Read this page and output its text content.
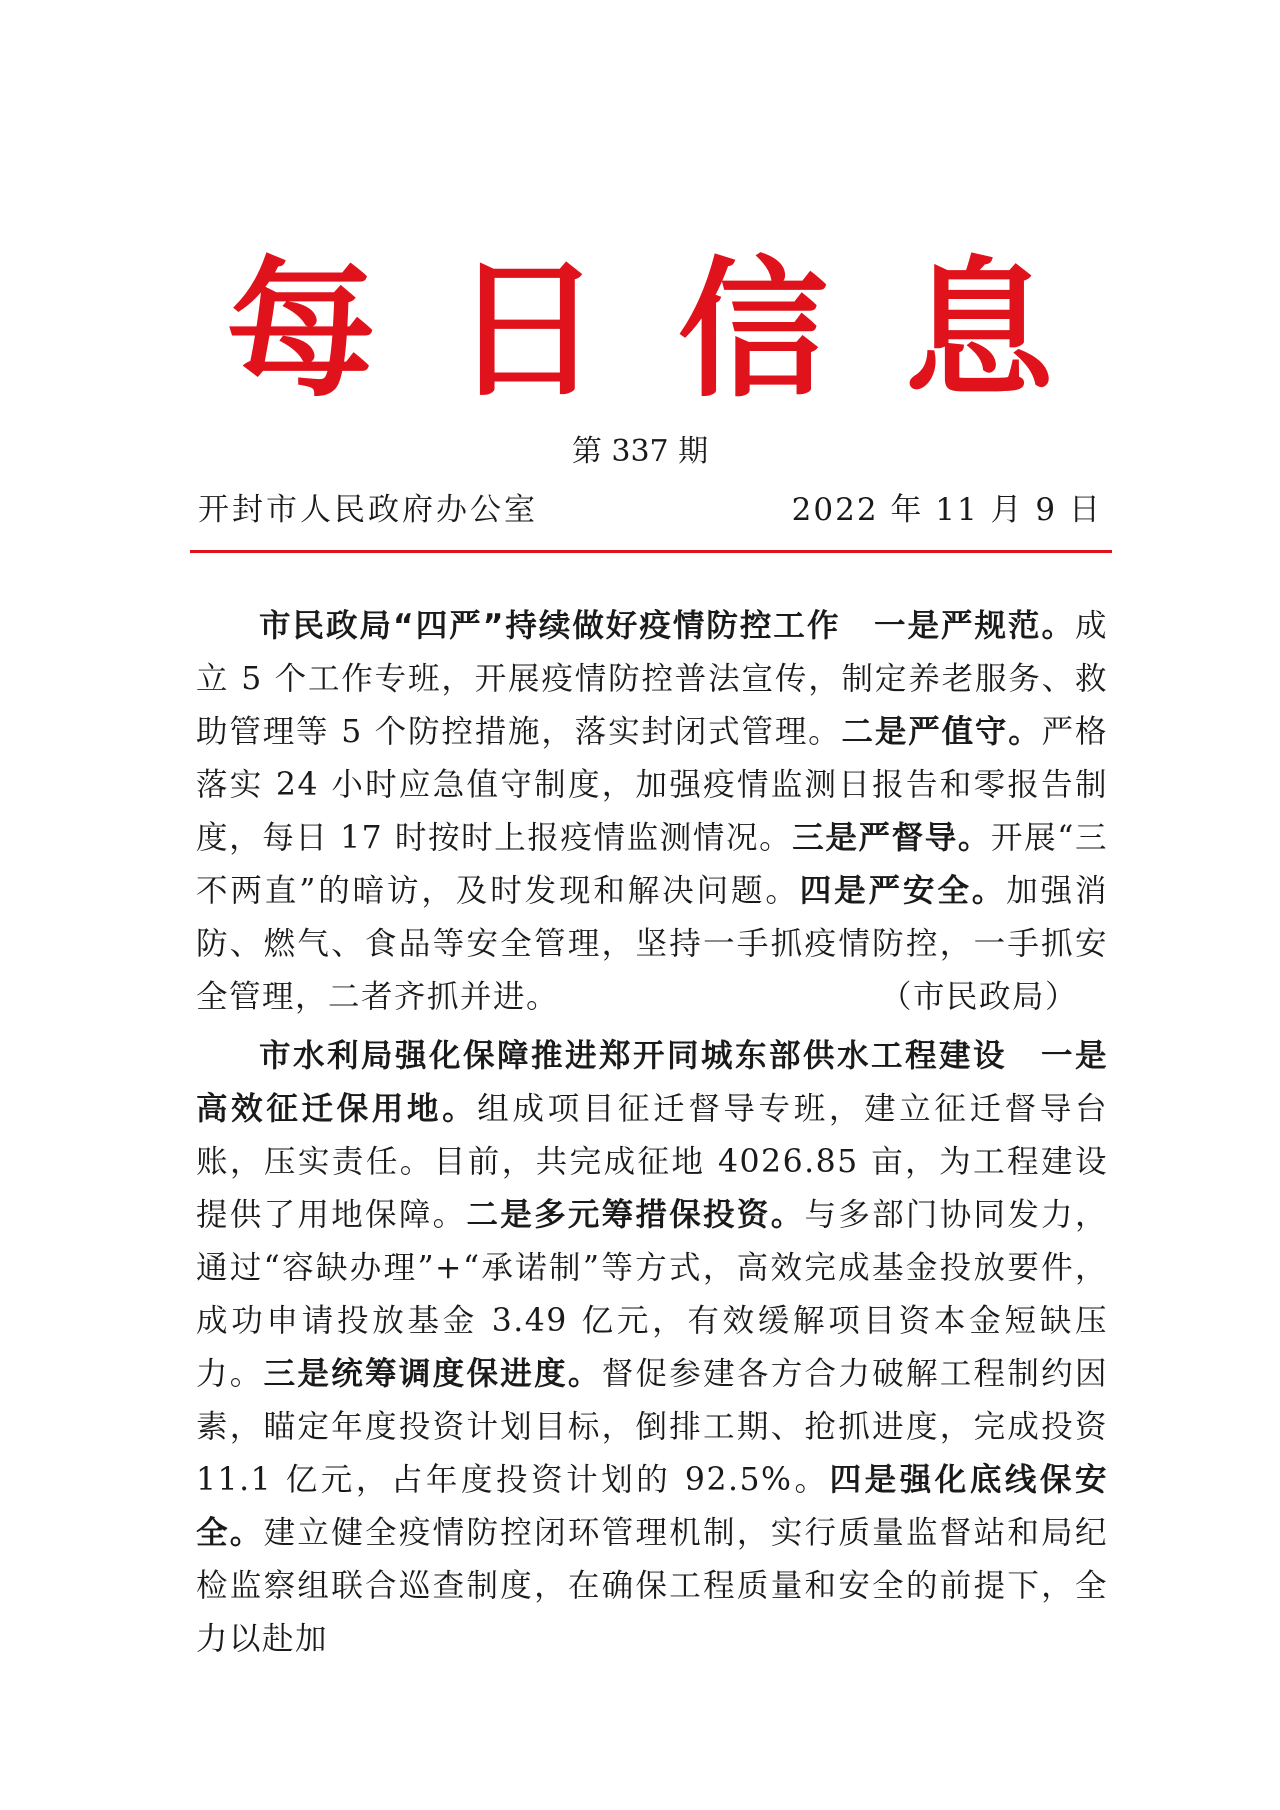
每 日 信 息
第 337 期
开封市人民政府办公室	2022 年 11 月 9 日

市民政局“四严”持续做好疫情防控工作　一是严规范。成立 5 个工作专班，开展疫情防控普法宣传，制定养老服务、救助管理等 5 个防控措施，落实封闭式管理。二是严值守。严格落实 24 小时应急值守制度，加强疫情监测日报告和零报告制度，每日 17 时按时上报疫情监测情况。三是严督导。开展“三不两直”的暗访，及时发现和解决问题。四是严安全。加强消防、燃气、食品等安全管理，坚持一手抓疫情防控，一手抓安全管理，二者齐抓并进。	（市民政局）

市水利局强化保障推进郑开同城东部供水工程建设　一是高效征迁保用地。组成项目征迁督导专班，建立征迁督导台账，压实责任。目前，共完成征地 4026.85 亩，为工程建设提供了用地保障。二是多元筹措保投资。与多部门协同发力，通过“容缺办理”+“承诺制”等方式，高效完成基金投放要件，成功申请投放基金 3.49 亿元，有效缓解项目资本金短缺压力。三是统筹调度保进度。督促参建各方合力破解工程制约因素，瞄定年度投资计划目标，倒排工期、抢抓进度，完成投资 11.1 亿元，占年度投资计划的 92.5%。四是强化底线保安全。建立健全疫情防控闭环管理机制，实行质量监督站和局纪检监察组联合巡查制度，在确保工程质量和安全的前提下，全力以赴加
